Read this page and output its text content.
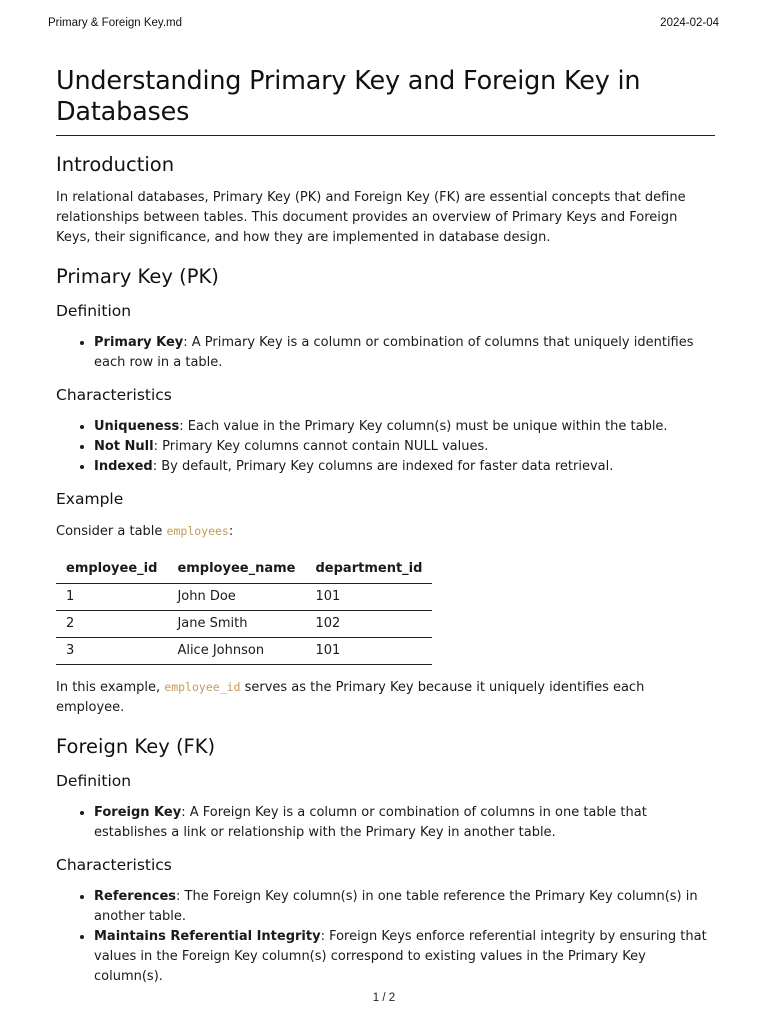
Primary & Foreign Key.md	2024-02-04
Understanding Primary Key and Foreign Key in Databases
Introduction

In relational databases, Primary Key (PK) and Foreign Key (FK) are essential concepts that define relationships between tables. This document provides an overview of Primary Keys and Foreign Keys, their significance, and how they are implemented in database design.

Primary Key (PK)
Definition
• Primary Key: A Primary Key is a column or combination of columns that uniquely identifies each row in a table.
Characteristics
• Uniqueness: Each value in the Primary Key column(s) must be unique within the table.
• Not Null: Primary Key columns cannot contain NULL values.
• Indexed: By default, Primary Key columns are indexed for faster data retrieval.
Example

Consider a table employees:

employee_id	employee_name	department_id
1	John Doe	101
2	Jane Smith	102
3	Alice Johnson	101

In this example, employee_id serves as the Primary Key because it uniquely identifies each employee.

Foreign Key (FK)
Definition
• Foreign Key: A Foreign Key is a column or combination of columns in one table that establishes a link or relationship with the Primary Key in another table.
Characteristics
• References: The Foreign Key column(s) in one table reference the Primary Key column(s) in another table.
• Maintains Referential Integrity: Foreign Keys enforce referential integrity by ensuring that values in the Foreign Key column(s) correspond to existing values in the Primary Key column(s).
1 / 2
